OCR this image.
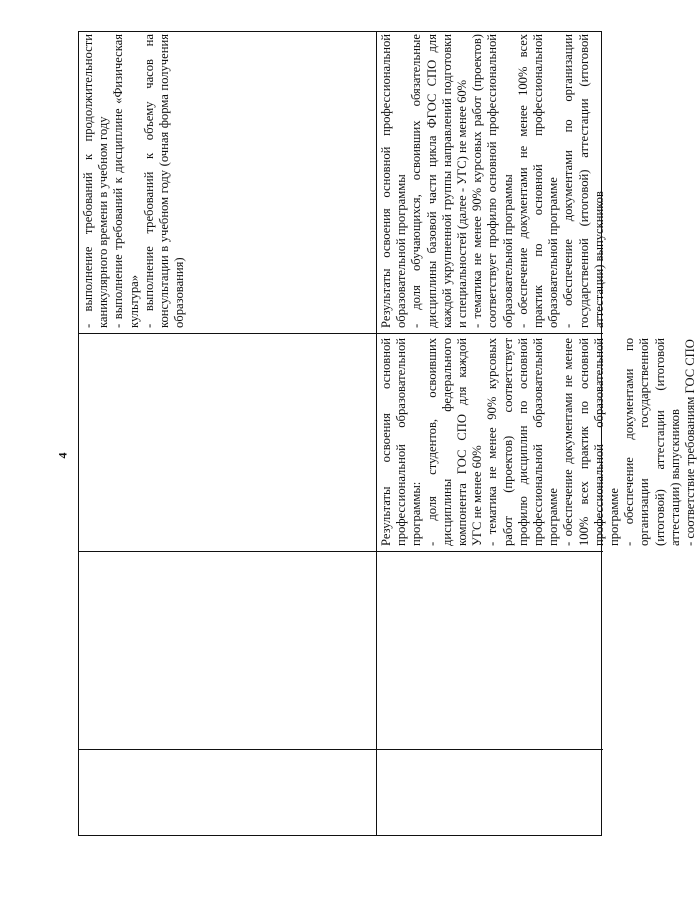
4

- выполнение требований к продолжительности каникулярного времени в учебном году - выполнение требований к дисциплине «Физическая культура» - выполнение требований к объему часов на консультации в учебном году (очная форма получения образования)

Результаты освоения основной профессиональной образовательной программы: - доля студентов, освоивших дисциплины федерального компонента ГОС СПО для каждой УГС не менее 60% - тематика не менее 90% курсовых работ (проектов) соответствует профилю дисциплин по основной профессиональной образовательной программе - обеспечение документами не менее 100% всех практик по основной профессиональной образовательной программе - обеспечение документами по организации государственной (итоговой) аттестации (итоговой аттестации) выпускников - соответствие требованиям ГОС СПО

Результаты освоения основной профессиональной образовательной программы - доля обучающихся, освоивших обязательные дисциплины базовой части цикла ФГОС СПО для каждой укрупненной группы направлений подготовки и специальностей (далее - УГС) не менее 60% - тематика не менее 90% курсовых работ (проектов) соответствует профилю основной профессиональной образовательной программы - обеспечение документами не менее 100% всех практик по основной профессиональной образовательной программе - обеспечение документами по организации государственной (итоговой) аттестации (итоговой аттестации) выпускников
